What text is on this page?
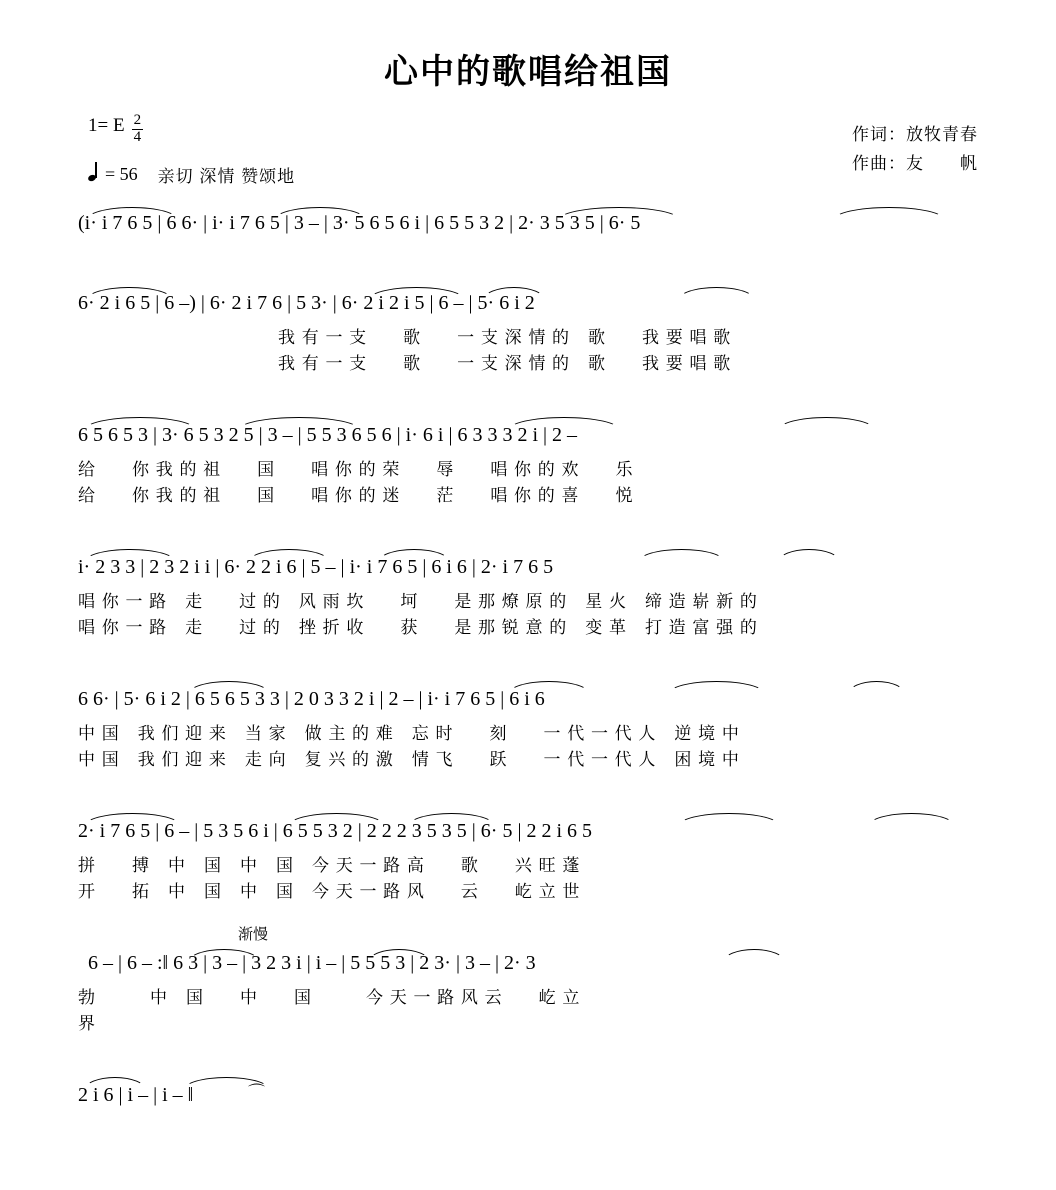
心中的歌唱给祖国
1= E $\frac{2}{4}$
= 56 亲切 深情 赞颂地
作词：放牧青春
作曲：友　　帆
(i· i 7 6 5 | 6 6· | i· i 7 6 5 | 3 – | 3· 5 6 5 6 i | 6 5 5 3 2 | 2· 3 5 3 5 | 6· 5
6· 2 i 6 5 | 6 –) | 6· 2 i 7 6 | 5 3· | 6· 2 i 2 i 5 | 6 – | 5· 6 i 2
我 有 一 支　　歌　　一 支 深 情 的　歌　　我 要 唱 歌
我 有 一 支　　歌　　一 支 深 情 的　歌　　我 要 唱 歌
6 5 6 5 3 | 3· 6 5 3 2 5 | 3 – | 5 5 3 6 5 6 | i· 6 i | 6 3 3 3 2 i | 2 –
给　　你 我 的 祖　　国　　唱 你 的 荣　　辱　　唱 你 的 欢　　乐
给　　你 我 的 祖　　国　　唱 你 的 迷　　茫　　唱 你 的 喜　　悦
i· 2 3 3 | 2 3 2 i i | 6· 2 2 i 6 | 5 – | i· i 7 6 5 | 6 i 6 | 2· i 7 6 5
唱 你 一 路　走　　过 的　风 雨 坎　　坷　　是 那 燎 原 的　星 火　缔 造 崭 新 的
唱 你 一 路　走　　过 的　挫 折 收　　获　　是 那 锐 意 的　变 革　打 造 富 强 的
6 6· | 5· 6 i 2 | 6 5 6 5 3 3 | 2 0 3 3 2 i | 2 – | i· i 7 6 5 | 6 i 6
中 国　我 们 迎 来　当 家　做 主 的 难　忘 时　　刻　　一 代 一 代 人　逆 境 中
中 国　我 们 迎 来　走 向　复 兴 的 激　情 飞　　跃　　一 代 一 代 人　困 境 中
2· i 7 6 5 | 6 – | 5 3 5 6 i | 6 5 5 3 2 | 2 2 2 3 5 3 5 | 6· 5 | 2 2 i 6 5
拼　　搏　中　国　中　国　今 天 一 路 高　　歌　　兴 旺 蓬
开　　拓　中　国　中　国　今 天 一 路 风　　云　　屹 立 世
渐慢
6 – | 6 – :‖ 6 3 | 3 – | 3 2 3 i | i – | 5 5 5 3 | 2 3· | 3 – | 2· 3
勃　　　中　国　　中　　国　　　今 天 一 路 风 云　　屹 立
界
⌒
2 i 6 | i – | i – ‖
